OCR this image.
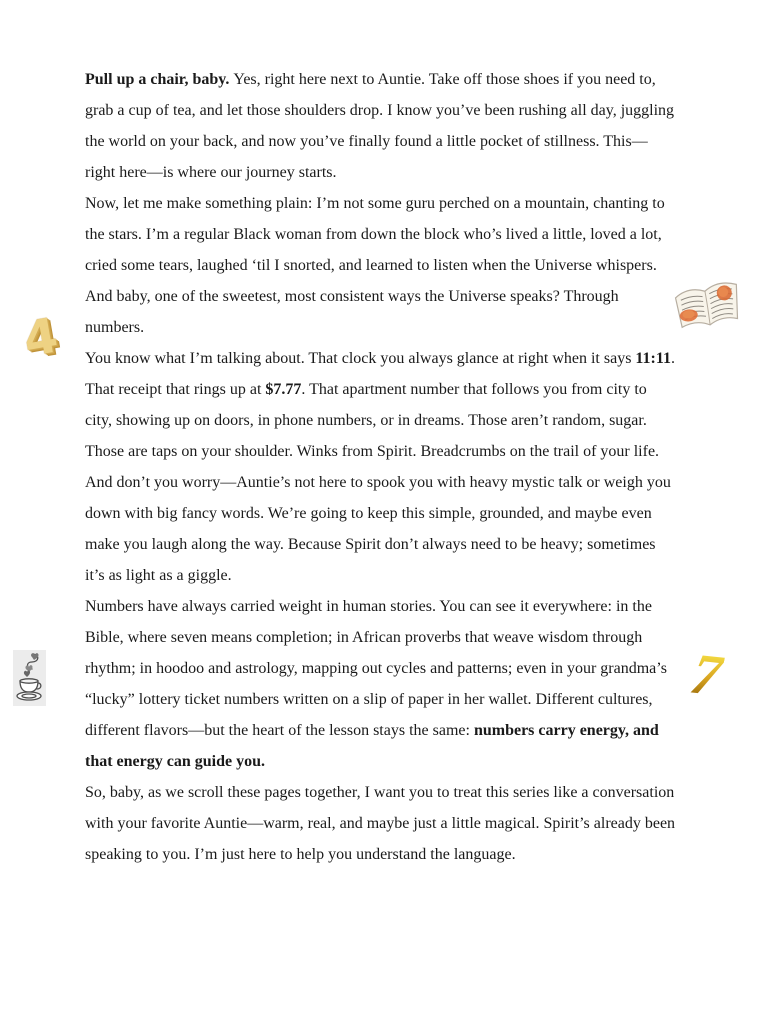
Pull up a chair, baby. Yes, right here next to Auntie. Take off those shoes if you need to,
grab a cup of tea, and let those shoulders drop. I know you’ve been rushing all day, juggling
the world on your back, and now you’ve finally found a little pocket of stillness. This—
right here—is where our journey starts.
Now, let me make something plain: I’m not some guru perched on a mountain, chanting to
the stars. I’m a regular Black woman from down the block who’s lived a little, loved a lot,
cried some tears, laughed ‘til I snorted, and learned to listen when the Universe whispers.
And baby, one of the sweetest, most consistent ways the Universe speaks? Through
numbers.
You know what I’m talking about. That clock you always glance at right when it says 11:11.
That receipt that rings up at $7.77. That apartment number that follows you from city to
city, showing up on doors, in phone numbers, or in dreams. Those aren’t random, sugar.
Those are taps on your shoulder. Winks from Spirit. Breadcrumbs on the trail of your life.
And don’t you worry—Auntie’s not here to spook you with heavy mystic talk or weigh you
down with big fancy words. We’re going to keep this simple, grounded, and maybe even
make you laugh along the way. Because Spirit don’t always need to be heavy; sometimes
it’s as light as a giggle.
Numbers have always carried weight in human stories. You can see it everywhere: in the
Bible, where seven means completion; in African proverbs that weave wisdom through
rhythm; in hoodoo and astrology, mapping out cycles and patterns; even in your grandma’s
“lucky” lottery ticket numbers written on a slip of paper in her wallet. Different cultures,
different flavors—but the heart of the lesson stays the same: numbers carry energy, and
that energy can guide you.
So, baby, as we scroll these pages together, I want you to treat this series like a conversation
with your favorite Auntie—warm, real, and maybe just a little magical. Spirit’s already been
speaking to you. I’m just here to help you understand the language.
4
7
